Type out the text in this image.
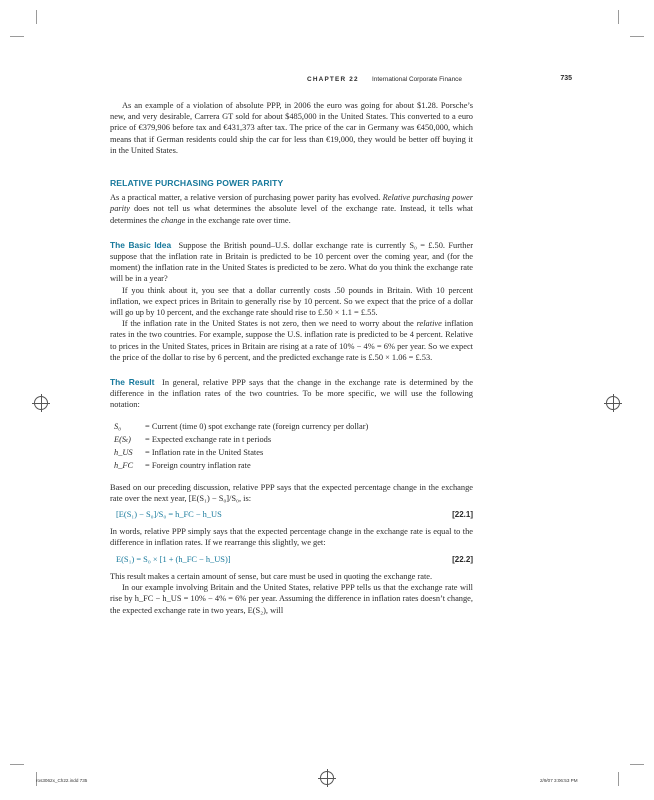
CHAPTER 22 International Corporate Finance	735

As an example of a violation of absolute PPP, in 2006 the euro was going for about $1.28. Porsche’s new, and very desirable, Carrera GT sold for about $485,000 in the United States. This converted to a euro price of €379,906 before tax and €431,373 after tax. The price of the car in Germany was €450,000, which means that if German residents could ship the car for less than €19,000, they would be better off buying it in the United States.

RELATIVE PURCHASING POWER PARITY

As a practical matter, a relative version of purchasing power parity has evolved. Relative purchasing power parity does not tell us what determines the absolute level of the exchange rate. Instead, it tells what determines the change in the exchange rate over time.

The Basic Idea Suppose the British pound–U.S. dollar exchange rate is currently S₀ = £.50. Further suppose that the inflation rate in Britain is predicted to be 10 percent over the coming year, and (for the moment) the inflation rate in the United States is predicted to be zero. What do you think the exchange rate will be in a year?

If you think about it, you see that a dollar currently costs .50 pounds in Britain. With 10 percent inflation, we expect prices in Britain to generally rise by 10 percent. So we expect that the price of a dollar will go up by 10 percent, and the exchange rate should rise to £.50 × 1.1 = £.55.

If the inflation rate in the United States is not zero, then we need to worry about the relative inflation rates in the two countries. For example, suppose the U.S. inflation rate is predicted to be 4 percent. Relative to prices in the United States, prices in Britain are rising at a rate of 10% − 4% = 6% per year. So we expect the price of the dollar to rise by 6 percent, and the predicted exchange rate is £.50 × 1.06 = £.53.

The Result In general, relative PPP says that the change in the exchange rate is determined by the difference in the inflation rates of the two countries. To be more specific, we will use the following notation:

S₀	= Current (time 0) spot exchange rate (foreign currency per dollar)
E(Sₜ)	= Expected exchange rate in t periods
h_US	= Inflation rate in the United States
h_FC	= Foreign country inflation rate

Based on our preceding discussion, relative PPP says that the expected percentage change in the exchange rate over the next year, [E(S₁) − S₀]/S₀, is:

[E(S₁) − S₀]/S₀ = h_FC − h_US	[22.1]

In words, relative PPP simply says that the expected percentage change in the exchange rate is equal to the difference in inflation rates. If we rearrange this slightly, we get:

E(S₁) = S₀ × [1 + (h_FC − h_US)]	[22.2]

This result makes a certain amount of sense, but care must be used in quoting the exchange rate.

In our example involving Britain and the United States, relative PPP tells us that the exchange rate will rise by h_FC − h_US = 10% − 4% = 6% per year. Assuming the difference in inflation rates doesn’t change, the expected exchange rate in two years, E(S₂), will

ros3062x_Ch22.indd 735	2/9/07 3:06:53 PM
